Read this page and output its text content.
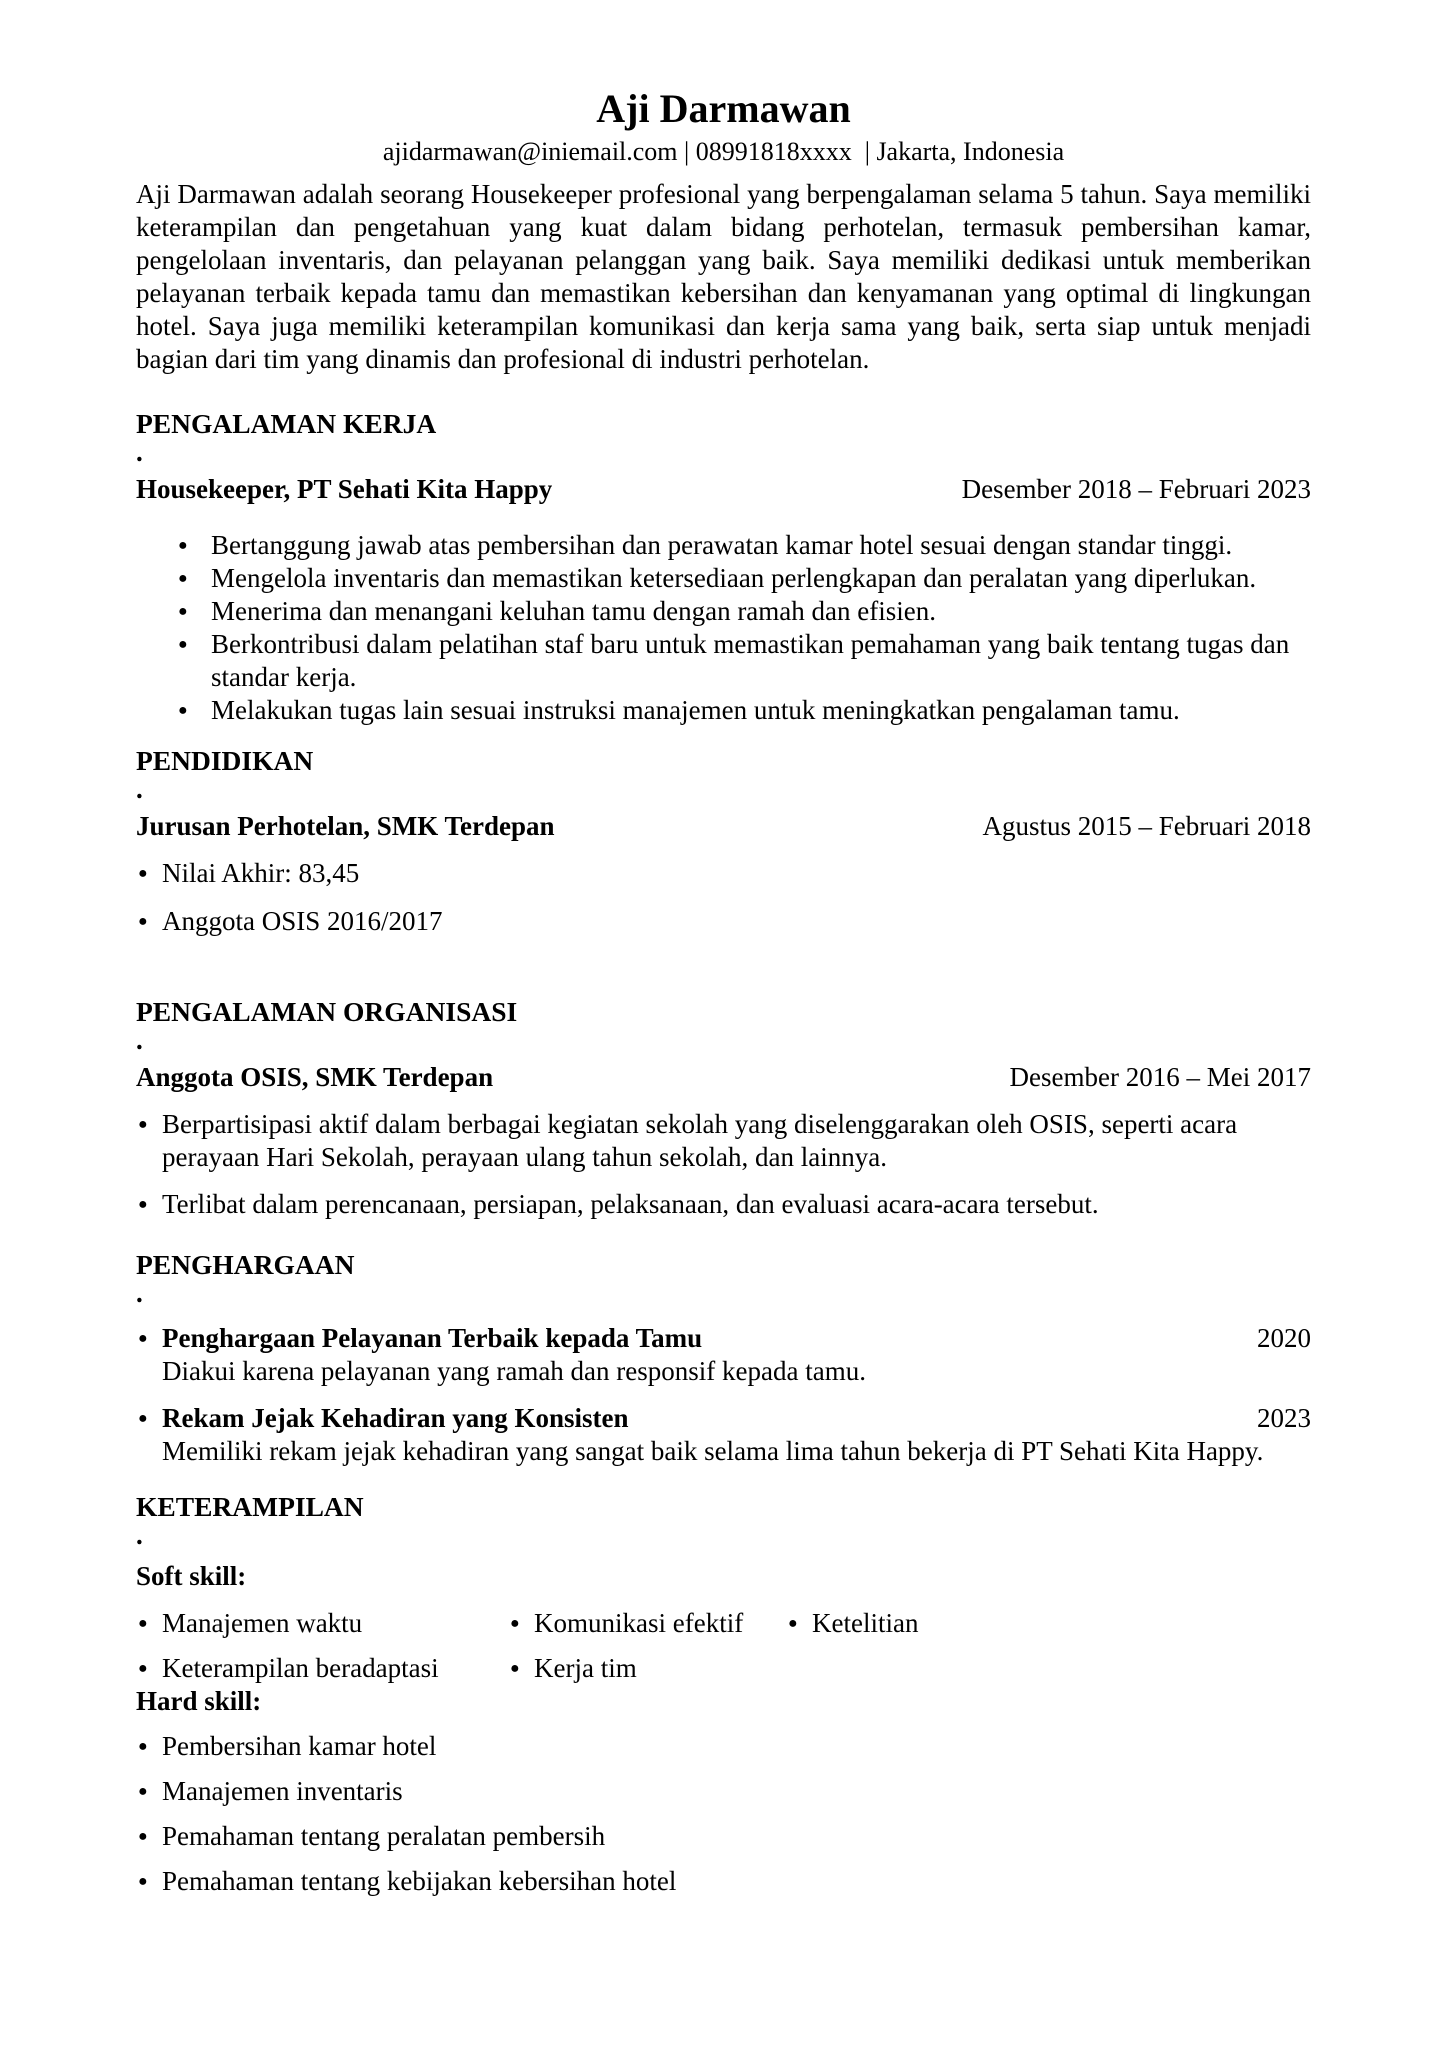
Aji Darmawan
ajidarmawan@iniemail.com | 08991818xxxx  | Jakarta, Indonesia

Aji Darmawan adalah seorang Housekeeper profesional yang berpengalaman selama 5 tahun. Saya memiliki keterampilan dan pengetahuan yang kuat dalam bidang perhotelan, termasuk pembersihan kamar, pengelolaan inventaris, dan pelayanan pelanggan yang baik. Saya memiliki dedikasi untuk memberikan pelayanan terbaik kepada tamu dan memastikan kebersihan dan kenyamanan yang optimal di lingkungan hotel. Saya juga memiliki keterampilan komunikasi dan kerja sama yang baik, serta siap untuk menjadi bagian dari tim yang dinamis dan profesional di industri perhotelan.

PENGALAMAN KERJA
.
Housekeeper, PT Sehati Kita Happy	Desember 2018 – Februari 2023
● Bertanggung jawab atas pembersihan dan perawatan kamar hotel sesuai dengan standar tinggi.
● Mengelola inventaris dan memastikan ketersediaan perlengkapan dan peralatan yang diperlukan.
● Menerima dan menangani keluhan tamu dengan ramah dan efisien.
● Berkontribusi dalam pelatihan staf baru untuk memastikan pemahaman yang baik tentang tugas dan standar kerja.
● Melakukan tugas lain sesuai instruksi manajemen untuk meningkatkan pengalaman tamu.
PENDIDIKAN
.
Jurusan Perhotelan, SMK Terdepan	Agustus 2015 – Februari 2018
● Nilai Akhir: 83,45
● Anggota OSIS 2016/2017
PENGALAMAN ORGANISASI
.
Anggota OSIS, SMK Terdepan	Desember 2016 – Mei 2017
● Berpartisipasi aktif dalam berbagai kegiatan sekolah yang diselenggarakan oleh OSIS, seperti acara perayaan Hari Sekolah, perayaan ulang tahun sekolah, dan lainnya.
● Terlibat dalam perencanaan, persiapan, pelaksanaan, dan evaluasi acara-acara tersebut.
PENGHARGAAN
.
● Penghargaan Pelayanan Terbaik kepada Tamu	2020
Diakui karena pelayanan yang ramah dan responsif kepada tamu.
● Rekam Jejak Kehadiran yang Konsisten	2023
Memiliki rekam jejak kehadiran yang sangat baik selama lima tahun bekerja di PT Sehati Kita Happy.
KETERAMPILAN
.
Soft skill:
● Manajemen waktu	● Komunikasi efektif	● Ketelitian
● Keterampilan beradaptasi	● Kerja tim
Hard skill:
● Pembersihan kamar hotel
● Manajemen inventaris
● Pemahaman tentang peralatan pembersih
● Pemahaman tentang kebijakan kebersihan hotel
